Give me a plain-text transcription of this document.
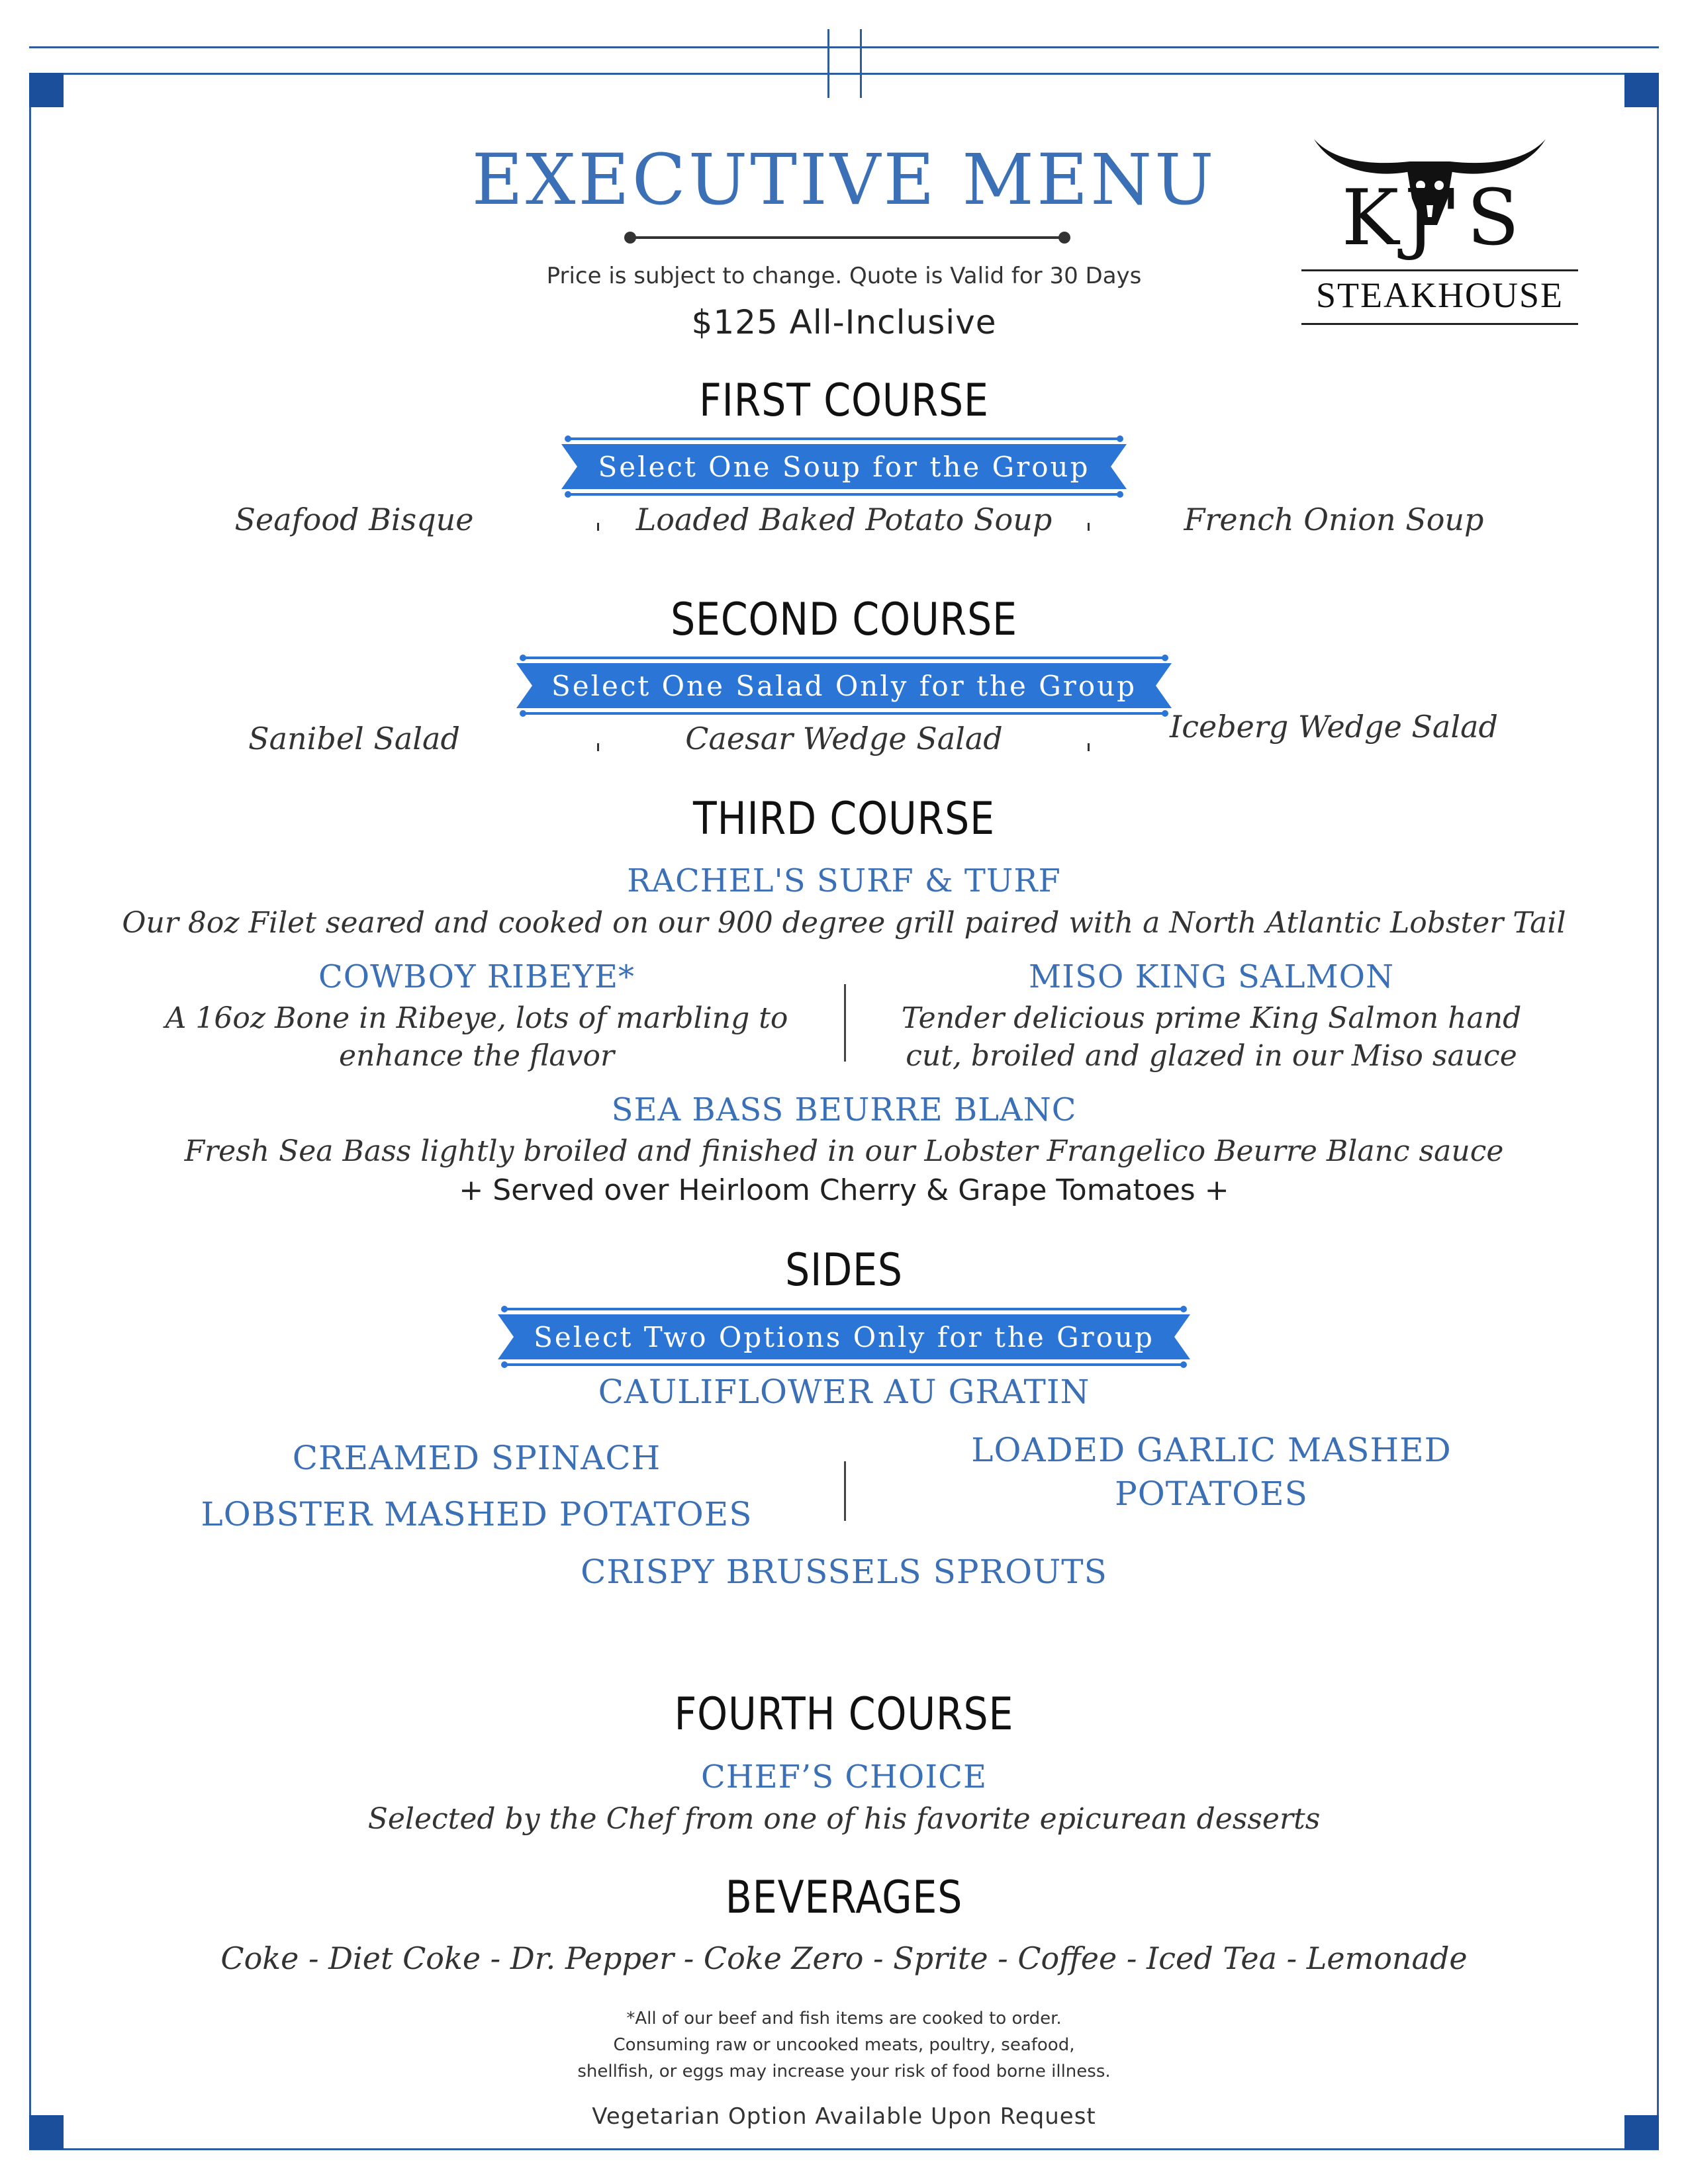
EXECUTIVE MENU
Price is subject to change. Quote is Valid for 30 Days
$125 All-Inclusive
KJ'S
STEAKHOUSE
FIRST COURSE
Select One Soup for the Group
Seafood Bisque	Loaded Baked Potato Soup	French Onion Soup
SECOND COURSE
Select One Salad Only for the Group
Sanibel Salad	Caesar Wedge Salad	Iceberg Wedge Salad
THIRD COURSE
RACHEL'S SURF & TURF
Our 8oz Filet seared and cooked on our 900 degree grill paired with a North Atlantic Lobster Tail
COWBOY RIBEYE*
A 16oz Bone in Ribeye, lots of marbling to
enhance the flavor
MISO KING SALMON
Tender delicious prime King Salmon hand
cut, broiled and glazed in our Miso sauce
SEA BASS BEURRE BLANC
Fresh Sea Bass lightly broiled and finished in our Lobster Frangelico Beurre Blanc sauce
+ Served over Heirloom Cherry & Grape Tomatoes +
SIDES
Select Two Options Only for the Group
CAULIFLOWER AU GRATIN
CREAMED SPINACH
LOBSTER MASHED POTATOES
LOADED GARLIC MASHED
POTATOES
CRISPY BRUSSELS SPROUTS
FOURTH COURSE
CHEF’S CHOICE
Selected by the Chef from one of his favorite epicurean desserts
BEVERAGES
Coke - Diet Coke - Dr. Pepper - Coke Zero - Sprite - Coffee - Iced Tea - Lemonade
*All of our beef and fish items are cooked to order.
Consuming raw or uncooked meats, poultry, seafood,
shellfish, or eggs may increase your risk of food borne illness.
Vegetarian Option Available Upon Request
